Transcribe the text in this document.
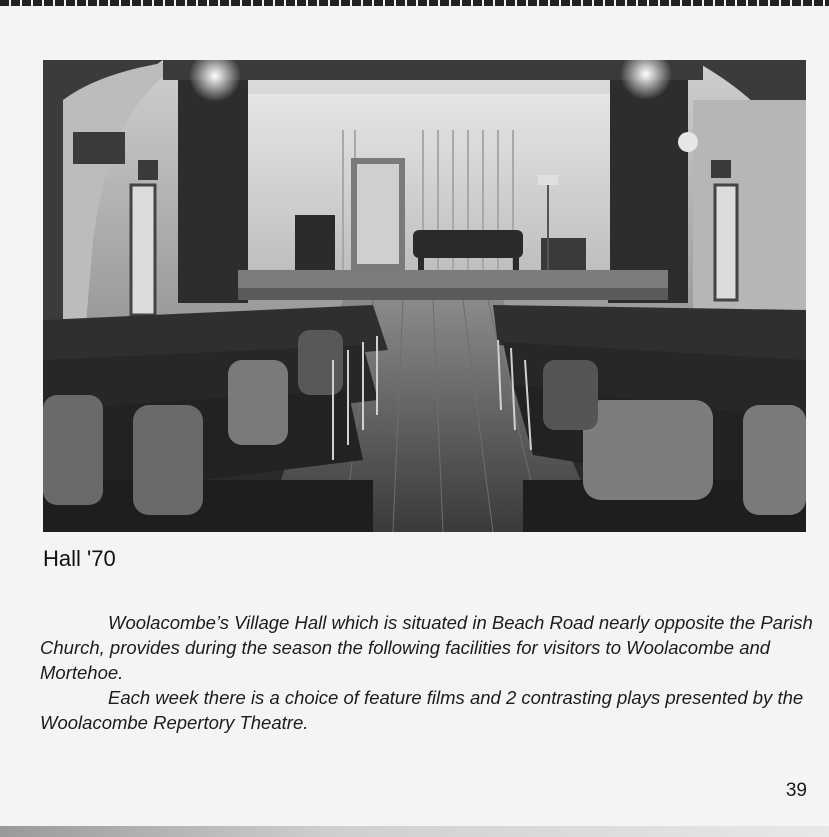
Hall '70

Woolacombe’s Village Hall which is situated in Beach Road nearly opposite the Parish Church, provides during the season the following facilities for visitors to Woolacombe and Mortehoe.

Each week there is a choice of feature films and 2 contrasting plays presented by the Woolacombe Repertory Theatre.

39
